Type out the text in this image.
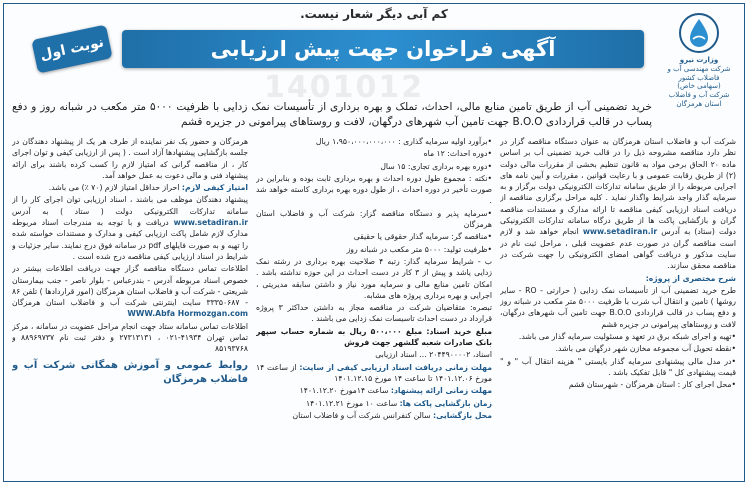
کم آبی دیگر شعار نیست.
وزارت نیرو
شرکت مهندسی آب و فاضلاب کشور
(سهامی خاص)
شرکت آب و فاضلاب استان هرمزگان
آگهی فراخوان جهت پیش ارزیابی
نوبت اول
1401012
خرید تضمینی آب از طریق تامین منابع مالی، احداث، تملک و بهره برداری از تأسیسات نمک زدایی با ظرفیت ۵۰۰۰ متر مکعب در شبانه روز و دفع پساب در قالب قراردادی B.O.O جهت تامین آب شهرهای درگهان، لافت و روستاهای پیرامونی در جزیره قشم

شرکت آب و فاضلاب استان هرمزگان به عنوان دستگاه مناقصه گزار در نظر دارد مناقصه مشروحه ذیل را در قالب خرید تضمینی آب بر اساس ماده ۲۰ الحاق برخی مواد به قانون تنظیم بخشی از مقررات مالی دولت (۲) از طریق رقابت عمومی و با رعایت قوانین ، مقررات و آیین نامه های اجرایی مربوطه را از طریق سامانه تدارکات الکترونیکی دولت برگزار و به سرمایه گذار واجد شرایط واگذار نماید . کلیه مراحل برگزاری مناقصه از دریافت اسناد ارزیابی کیفی مناقصه تا ارائه مدارک و مستندات مناقصه گران و بازگشایی پاکت ها از طریق درگاه سامانه تدارکات الکترونیکی دولت (ستاد) به آدرس www.setadiran.ir انجام خواهد شد و لازم است مناقصه گران در صورت عدم عضویت قبلی ، مراحل ثبت نام در سایت مذکور و دریافت گواهی امضای الکترونیکی را جهت شرکت در مناقصه محقق سازند.

شرح مختصری از پروژه:

طرح خرید تضمینی آب از تأسیسات نمک زدایی ( حرارتی - RO - سایر روشها ) تامین و انتقال آب شرب با ظرفیت ۵۰۰۰ متر مکعب در شبانه روز و دفع پساب در قالب قراردادی B.O.O جهت تامین آب شهرهای درگهان، لافت و روستاهای پیرامونی در جزیره قشم

•تهیه و اجرای شبکه برق در تعهد و مسئولیت سرمایه گذار می باشد.

•نقطه تحویل آب مجموعه مخازن شهر درگهان می باشد.

•در مدل مالی پیشنهادی سرمایه گذار بایستی " هزینه انتقال آب " و " قیمت پیشنهادی کل " قابل تفکیک باشد .

•محل اجرای کار : استان هرمزگان - شهرستان قشم

•برآورد اولیه سرمایه گذاری : ۱،۹۵۰،۰۰۰،۰۰۰،۰۰۰ ریال

•دوره احداث: ۱۲ ماه

•دوره بهره برداری تجاری: ۱۵ سال

•نکته : مجموع طول دوره احداث و بهره برداری ثابت بوده و بنابراین در صورت تأخیر در دوره احداث ، از طول دوره بهره برداری کاسته خواهد شد .

•سرمایه پذیر و دستگاه مناقصه گزار: شرکت آب و فاضلاب استان هرمزگان

•مناقصه گر: سرمایه گذار حقوقی یا حقیقی

•ظرفیت تولید: ۵۰۰۰ متر مکعب در شبانه روز

ب - شرایط سرمایه گذار: رتبه ۴ صلاحیت بهره برداری در رشته نمک زدایی یاشد و پیش از ۳ کار در دست احداث در این حوزه نداشته باشد . امکان تامین منابع مالی و سرمایه مورد نیاز و داشتن سابقه مدیریتی ، اجرایی و بهره برداری پروژه های مشابه.

تبصره: متقاضیان شرکت در مناقصه مجاز به داشتن حداکثر ۳ پروژه قرارداد در دست احداث تاسیسات نمک زدایی می باشند .

مبلغ خرید اسناد: مبلغ ۵۰۰،۰۰۰ ریال به شماره حساب سپهر بانک صادرات شعبه گلشهر جهت فروش

اسناد، ۲۰۴۴۹۰۰۰۰۲ ... اسناد ارزیابی

مهلت زمانی دریافت اسناد ارزیابی کیفی از سایت: از ساعت ۱۴ مورخ ۱۴۰۱.۱۲.۰۶ تا ساعت ۱۴ مورخ ۱۴۰۱.۱۲.۱۵

مهلت زمانی ارائه پیشنهاد: ساعت ۱۴مورخ ۱۴۰۱.۱۲.۲۰

زمان بازگشایی پاکت ها: ساعت ۱۰ مورخ ۱۴۰۱.۱۲.۲۱

محل بازگشایی: سالن کنفرانس شرکت آب و فاضلاب استان

هرمزگان و حضور یک نفر نماینده از طرف هر یک از پیشنهاد دهندگان در جلسه بازگشایی پیشنهادها آزاد است . ( پس از ارزیابی کیفی و توان اجرای کار ، از مناقصه گرانی که امتیاز لازم را کسب کرده باشند برای ارائه پیشنهاد فنی و مالی دعوت به عمل خواهد آمد.

امتیاز کیفی لازم: احراز حداقل امتیاز لازم (۷۰ ٪) می باشد.

پیشنهاد دهندگان موظف می باشند ، اسناد ارزیابی توان اجرای کار را از سامانه تدارکات الکترونیکی دولت ( ستاد ) به آدرس www.setadiran.ir دریافت و با توجه به مندرجات اسناد مربوطه مدارک لازم شامل پاکت ارزیابی کیفی و مدارک و مستندات خواسته شده را تهیه و به صورت فایلهای pdf در سامانه فوق درج نمایند. سایر جزئیات و شرایط در اسناد ارزیابی کیفی مناقصه درج شده است .

اطلاعات تماس دستگاه مناقصه گزار جهت دریافت اطلاعات بیشتر در خصوص اسناد مربوطه آدرس - بندرعباس - بلوار ناصر - جنب بیمارستان شریعتی - شرکت آب و فاضلاب استان هرمزگان (امور قراردادها ) تلفن ۸۶ - ۳۳۳۵۰۶۸۷ سایت اینترنتی شرکت آب و فاضلاب استان هرمزگان WWW.Abfa Hormozgan.com

اطلاعات تماس سامانه ستاد جهت انجام مراحل عضویت در سامانه ، مرکز تماس تهران ۴۱۹۳۴-۰۲۱ ، ۲۷۳۱۳۱۳۱ و دفتر ثبت نام ۸۸۹۶۹۷۳۷ و ۸۵۱۹۳۷۶۸

روابط عمومی و آموزش همگانی شرکت آب و فاضلاب هرمزگان
